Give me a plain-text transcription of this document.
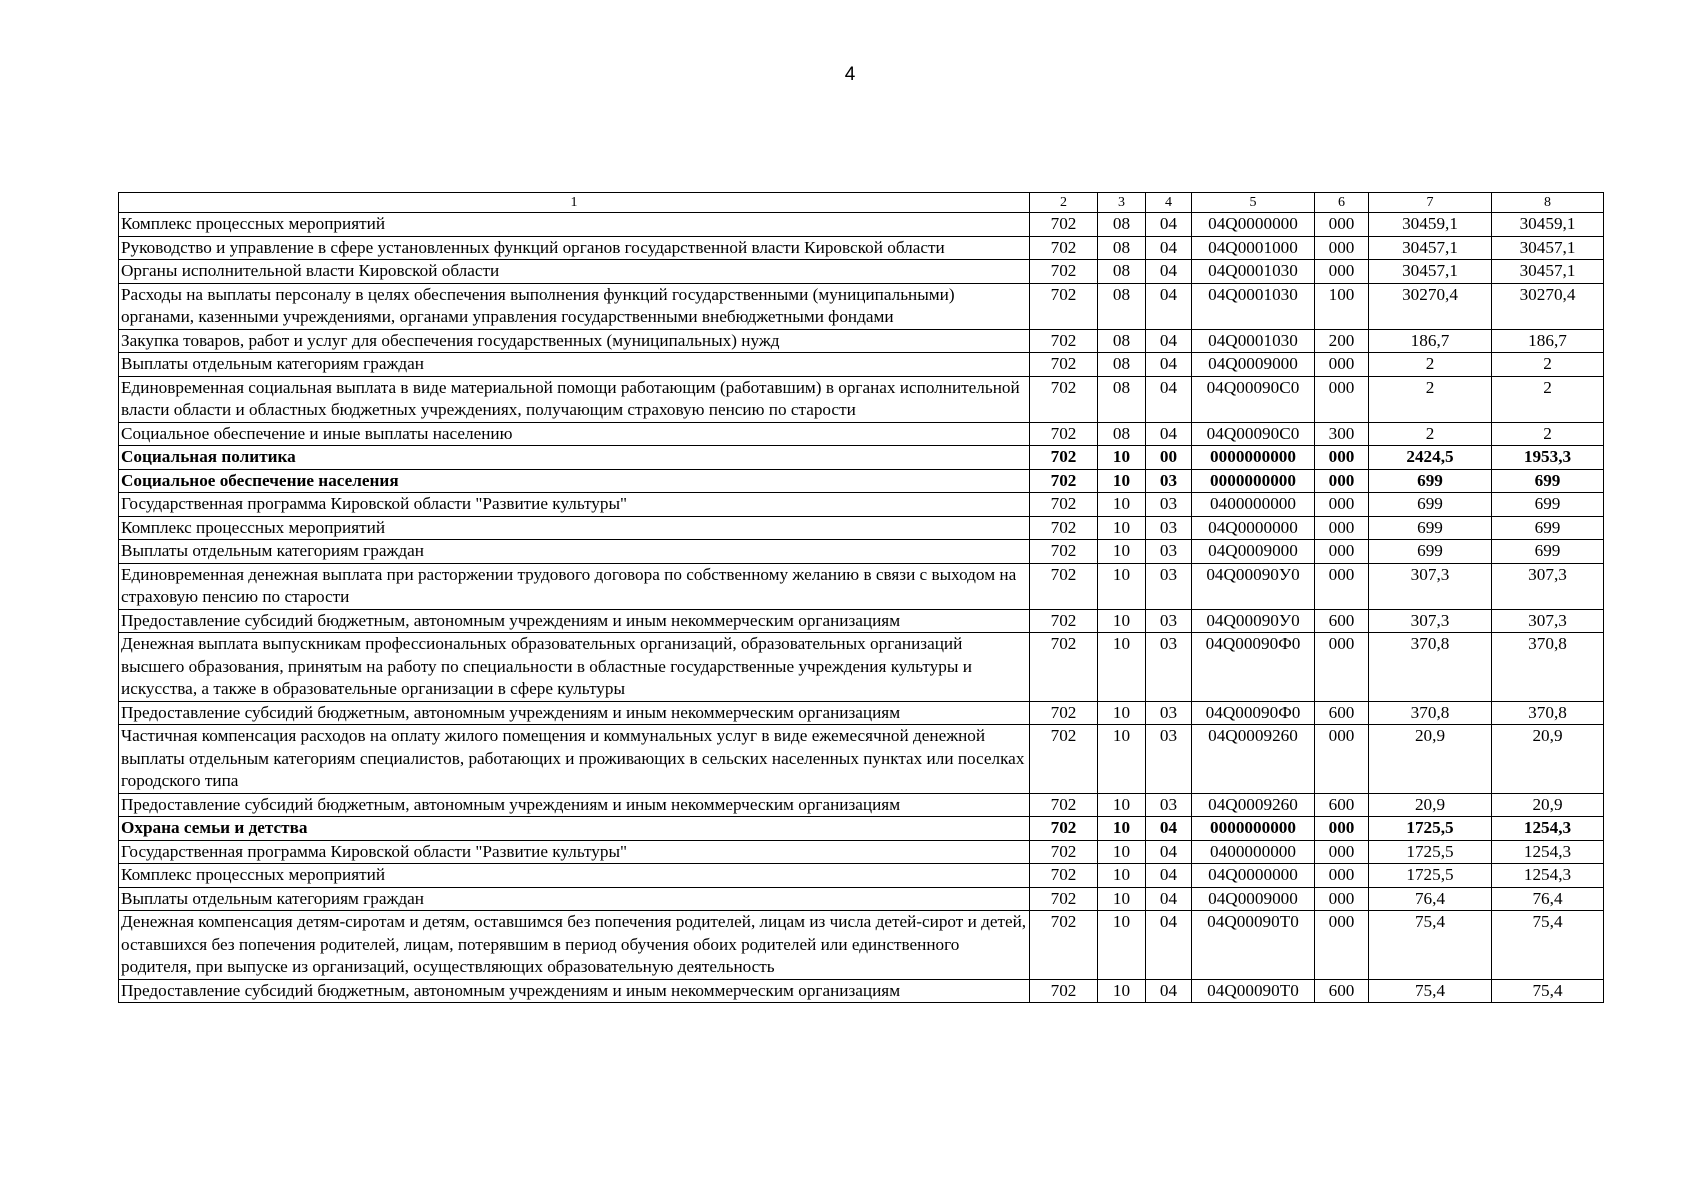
4
1	2	3	4	5	6	7	8
Комплекс процессных мероприятий	702	08	04	04Q0000000	000	30459,1	30459,1
Руководство и управление в сфере установленных функций органов государственной власти Кировской области	702	08	04	04Q0001000	000	30457,1	30457,1
Органы исполнительной власти Кировской области	702	08	04	04Q0001030	000	30457,1	30457,1
Расходы на выплаты персоналу в целях обеспечения выполнения функций государственными (муниципальными) органами, казенными учреждениями, органами управления государственными внебюджетными фондами	702	08	04	04Q0001030	100	30270,4	30270,4
Закупка товаров, работ и услуг для обеспечения государственных (муниципальных) нужд	702	08	04	04Q0001030	200	186,7	186,7
Выплаты отдельным категориям граждан	702	08	04	04Q0009000	000	2	2
Единовременная социальная выплата в виде материальной помощи работающим (работавшим) в органах исполнительной власти области и областных бюджетных учреждениях, получающим страховую пенсию по старости	702	08	04	04Q00090С0	000	2	2
Социальное обеспечение и иные выплаты населению	702	08	04	04Q00090С0	300	2	2
Социальная политика	702	10	00	0000000000	000	2424,5	1953,3
Социальное обеспечение населения	702	10	03	0000000000	000	699	699
Государственная программа Кировской области "Развитие культуры"	702	10	03	0400000000	000	699	699
Комплекс процессных мероприятий	702	10	03	04Q0000000	000	699	699
Выплаты отдельным категориям граждан	702	10	03	04Q0009000	000	699	699
Единовременная денежная выплата при расторжении трудового договора по собственному желанию в связи с выходом на страховую пенсию по старости	702	10	03	04Q00090У0	000	307,3	307,3
Предоставление субсидий бюджетным, автономным учреждениям и иным некоммерческим организациям	702	10	03	04Q00090У0	600	307,3	307,3
Денежная выплата выпускникам профессиональных образовательных организаций, образовательных организаций высшего образования, принятым на работу по специальности в областные государственные учреждения культуры и искусства, а также в образовательные организации в сфере культуры	702	10	03	04Q00090Ф0	000	370,8	370,8
Предоставление субсидий бюджетным, автономным учреждениям и иным некоммерческим организациям	702	10	03	04Q00090Ф0	600	370,8	370,8
Частичная компенсация расходов на оплату жилого помещения и коммунальных услуг в виде ежемесячной денежной выплаты отдельным категориям специалистов, работающих и проживающих в сельских населенных пунктах или поселках городского типа	702	10	03	04Q0009260	000	20,9	20,9
Предоставление субсидий бюджетным, автономным учреждениям и иным некоммерческим организациям	702	10	03	04Q0009260	600	20,9	20,9
Охрана семьи и детства	702	10	04	0000000000	000	1725,5	1254,3
Государственная программа Кировской области "Развитие культуры"	702	10	04	0400000000	000	1725,5	1254,3
Комплекс процессных мероприятий	702	10	04	04Q0000000	000	1725,5	1254,3
Выплаты отдельным категориям граждан	702	10	04	04Q0009000	000	76,4	76,4
Денежная компенсация детям-сиротам и детям, оставшимся без попечения родителей, лицам из числа детей-сирот и детей, оставшихся без попечения родителей, лицам, потерявшим в период обучения обоих родителей или единственного родителя, при выпуске из организаций, осуществляющих образовательную деятельность	702	10	04	04Q00090Т0	000	75,4	75,4
Предоставление субсидий бюджетным, автономным учреждениям и иным некоммерческим организациям	702	10	04	04Q00090Т0	600	75,4	75,4
